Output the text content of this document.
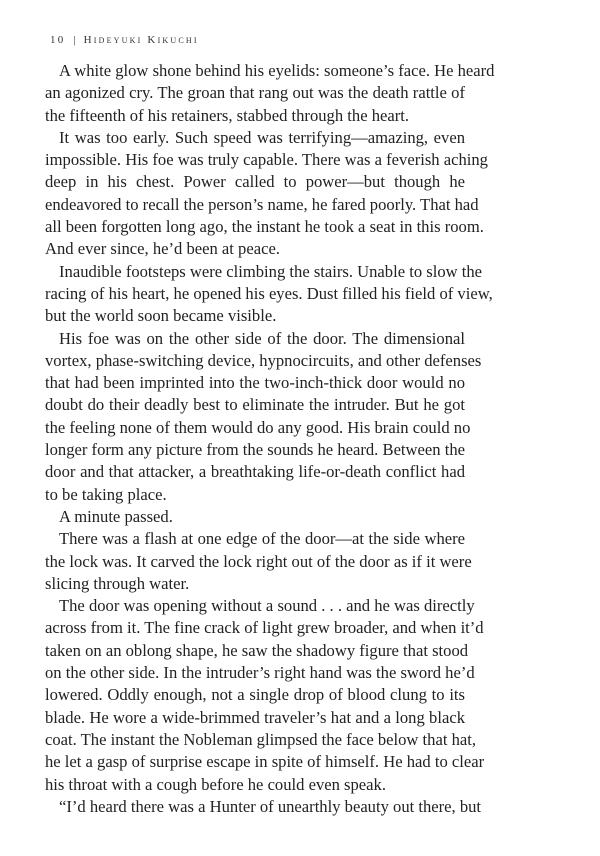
10 | Hideyuki Kikuchi

A white glow shone behind his eyelids: someone’s face. He heard
an agonized cry. The groan that rang out was the death rattle of
the fifteenth of his retainers, stabbed through the heart.

It was too early. Such speed was terrifying—amazing, even
impossible. His foe was truly capable. There was a feverish aching
deep in his chest. Power called to power—but though he
endeavored to recall the person’s name, he fared poorly. That had
all been forgotten long ago, the instant he took a seat in this room.
And ever since, he’d been at peace.

Inaudible footsteps were climbing the stairs. Unable to slow the
racing of his heart, he opened his eyes. Dust filled his field of view,
but the world soon became visible.

His foe was on the other side of the door. The dimensional
vortex, phase-switching device, hypnocircuits, and other defenses
that had been imprinted into the two-inch-thick door would no
doubt do their deadly best to eliminate the intruder. But he got
the feeling none of them would do any good. His brain could no
longer form any picture from the sounds he heard. Between the
door and that attacker, a breathtaking life-or-death conflict had
to be taking place.

A minute passed.

There was a flash at one edge of the door—at the side where
the lock was. It carved the lock right out of the door as if it were
slicing through water.

The door was opening without a sound . . . and he was directly
across from it. The fine crack of light grew broader, and when it’d
taken on an oblong shape, he saw the shadowy figure that stood
on the other side. In the intruder’s right hand was the sword he’d
lowered. Oddly enough, not a single drop of blood clung to its
blade. He wore a wide-brimmed traveler’s hat and a long black
coat. The instant the Nobleman glimpsed the face below that hat,
he let a gasp of surprise escape in spite of himself. He had to clear
his throat with a cough before he could even speak.

“I’d heard there was a Hunter of unearthly beauty out there, but
